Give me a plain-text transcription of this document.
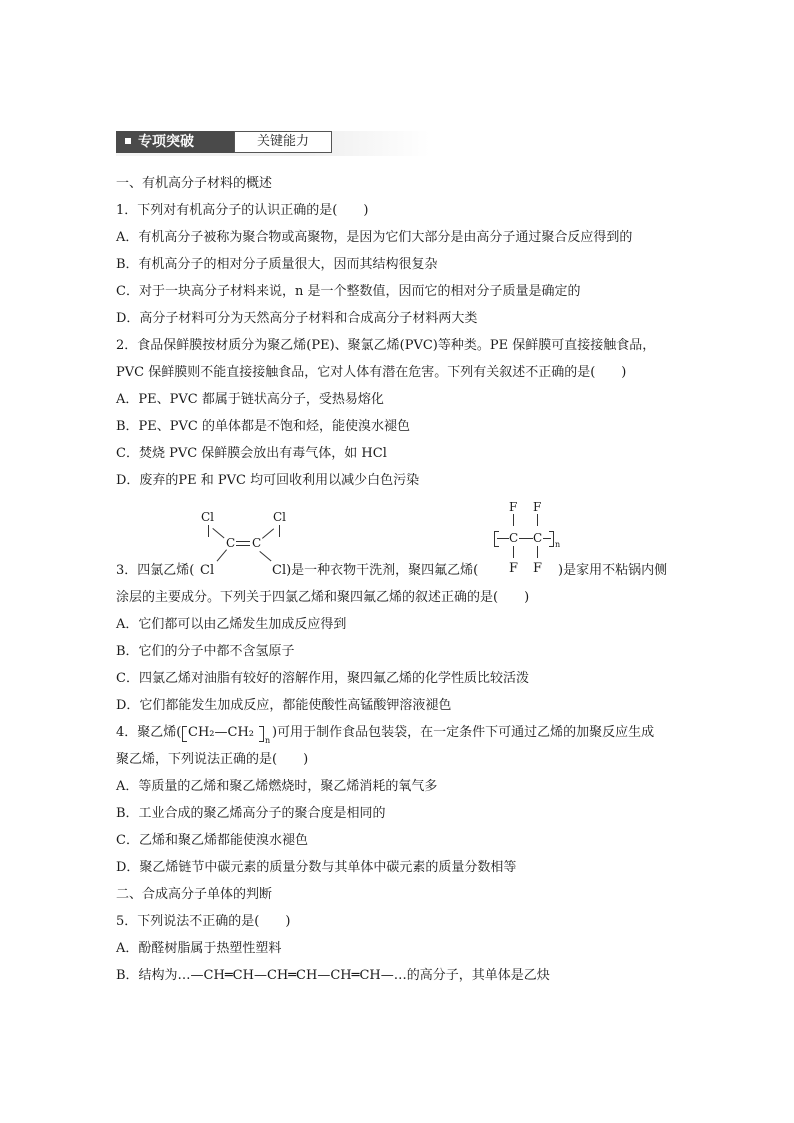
专项突破	关键能力
一、有机高分子材料的概述
1．下列对有机高分子的认识正确的是(　　)
A．有机高分子被称为聚合物或高聚物，是因为它们大部分是由高分子通过聚合反应得到的
B．有机高分子的相对分子质量很大，因而其结构很复杂
C．对于一块高分子材料来说，n 是一个整数值，因而它的相对分子质量是确定的
D．高分子材料可分为天然高分子材料和合成高分子材料两大类
2．食品保鲜膜按材质分为聚乙烯(PE)、聚氯乙烯(PVC)等种类。PE 保鲜膜可直接接触食品，
PVC 保鲜膜则不能直接接触食品，它对人体有潜在危害。下列有关叙述不正确的是(　　)
A．PE、PVC 都属于链状高分子，受热易熔化
B．PE、PVC 的单体都是不饱和烃，能使溴水褪色
C．焚烧 PVC 保鲜膜会放出有毒气体，如 HCl
D．废弃的PE 和 PVC 均可回收利用以减少白色污染
3．四氯乙烯(	Cl)是一种衣物干洗剂，聚四氟乙烯(	)是家用不粘锅内侧
Cl	Cl
C C
Cl
F F
C C n
F F
涂层的主要成分。下列关于四氯乙烯和聚四氟乙烯的叙述正确的是(　　)
A．它们都可以由乙烯发生加成反应得到
B．它们的分子中都不含氢原子
C．四氯乙烯对油脂有较好的溶解作用，聚四氟乙烯的化学性质比较活泼
D．它们都能发生加成反应，都能使酸性高锰酸钾溶液褪色
4．聚乙烯( CH₂—CH₂
n
)可用于制作食品包装袋，在一定条件下可通过乙烯的加聚反应生成
聚乙烯，下列说法正确的是(　　)
A．等质量的乙烯和聚乙烯燃烧时，聚乙烯消耗的氧气多
B．工业合成的聚乙烯高分子的聚合度是相同的
C．乙烯和聚乙烯都能使溴水褪色
D．聚乙烯链节中碳元素的质量分数与其单体中碳元素的质量分数相等
二、合成高分子单体的判断
5．下列说法不正确的是(　　)
A．酚醛树脂属于热塑性塑料
B．结构为…—CH═CH—CH═CH—CH═CH—…的高分子，其单体是乙炔
